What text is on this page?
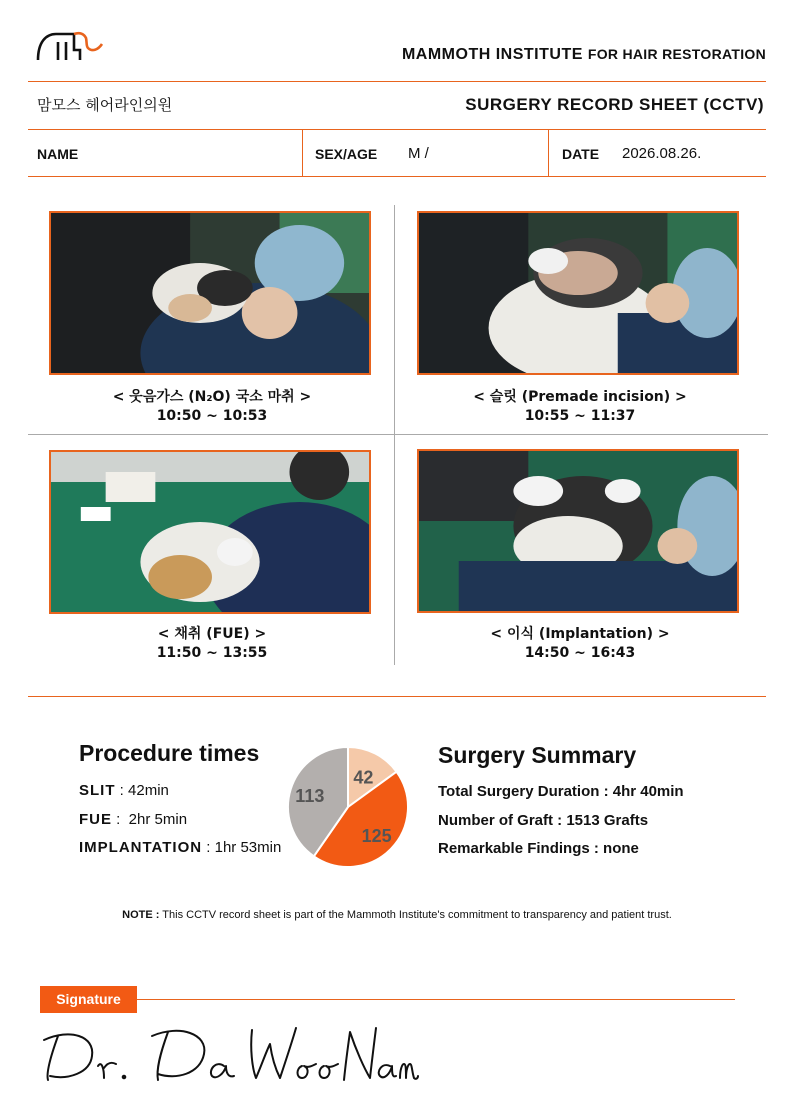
MAMMOTH INSTITUTE FOR HAIR RESTORATION
맘모스 헤어라인의원	SURGERY RECORD SHEET (CCTV)
NAME	SEX/AGE M /	DATE 2026.08.26.
< 웃음가스 (N₂O) 국소 마취 >
10:50 ~ 10:53
< 슬릿 (Premade incision) >
10:55 ~ 11:37
< 채취 (FUE) >
11:50 ~ 13:55
< 이식 (Implantation) >
14:50 ~ 16:43
Procedure times
SLIT : 42min
FUE :  2hr 5min
IMPLANTATION : 1hr 53min
42
125
113
Surgery Summary
Total Surgery Duration : 4hr 40min
Number of Graft : 1513 Grafts
Remarkable Findings : none
NOTE : This CCTV record sheet is part of the Mammoth Institute's commitment to transparency and patient trust.
Signature
